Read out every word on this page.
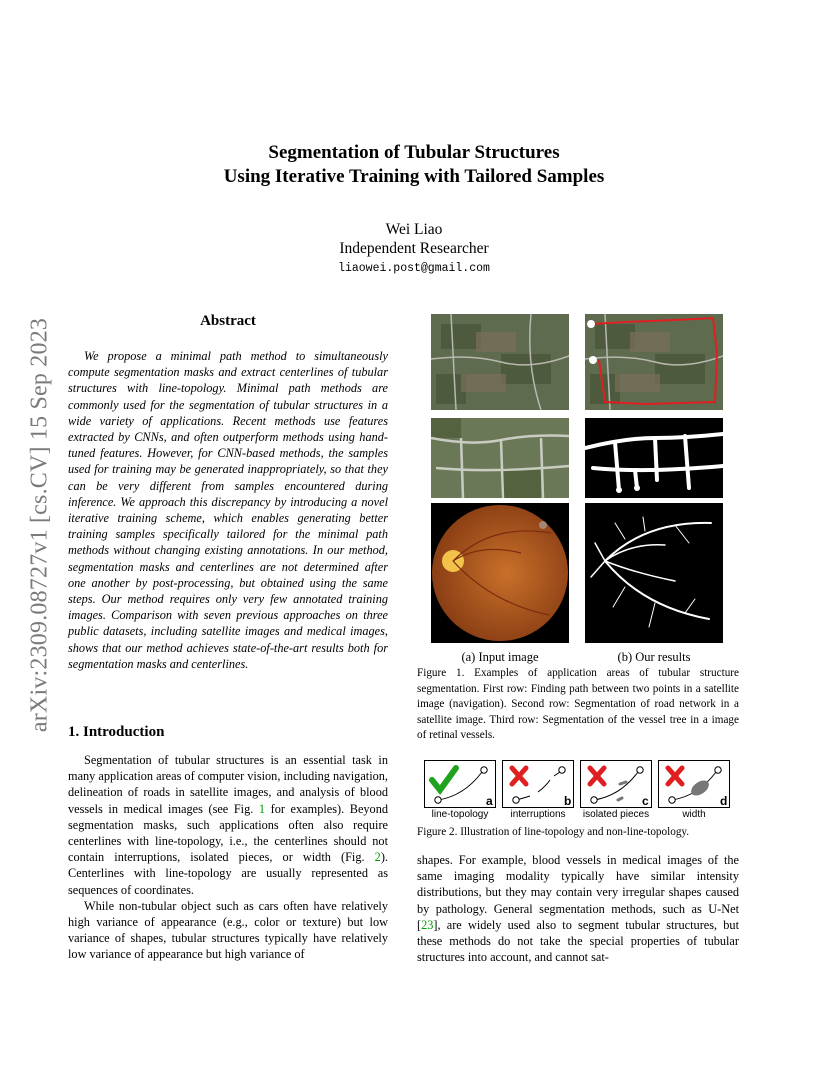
arXiv:2309.08727v1 [cs.CV] 15 Sep 2023
Segmentation of Tubular Structures
Using Iterative Training with Tailored Samples
Wei Liao
Independent Researcher
liaowei.post@gmail.com
Abstract
We propose a minimal path method to simultaneously compute segmentation masks and extract centerlines of tubular structures with line-topology. Minimal path methods are commonly used for the segmentation of tubular structures in a wide variety of applications. Recent methods use features extracted by CNNs, and often outperform methods using hand-tuned features. However, for CNN-based methods, the samples used for training may be generated inappropriately, so that they can be very different from samples encountered during inference. We approach this discrepancy by introducing a novel iterative training scheme, which enables generating better training samples specifically tailored for the minimal path methods without changing existing annotations. In our method, segmentation masks and centerlines are not determined after one another by post-processing, but obtained using the same steps. Our method requires only very few annotated training images. Comparison with seven previous approaches on three public datasets, including satellite images and medical images, shows that our method achieves state-of-the-art results both for segmentation masks and centerlines.
1. Introduction

Segmentation of tubular structures is an essential task in many application areas of computer vision, including navigation, delineation of roads in satellite images, and analysis of blood vessels in medical images (see Fig. 1 for examples). Beyond segmentation masks, such applications often also require centerlines with line-topology, i.e., the centerlines should not contain interruptions, isolated pieces, or width (Fig. 2). Centerlines with line-topology are usually represented as sequences of coordinates.

While non-tubular object such as cars often have relatively high variance of appearance (e.g., color or texture) but low variance of shapes, tubular structures typically have relatively low variance of appearance but high variance of

shapes. For example, blood vessels in medical images of the same imaging modality typically have similar intensity distributions, but they may contain very irregular shapes caused by pathology. General segmentation methods, such as U-Net [23], are widely used also to segment tubular structures, but these methods do not take the special properties of tubular structures into account, and cannot sat-

(a) Input image	(b) Our results
Figure 1. Examples of application areas of tubular structure segmentation. First row: Finding path between two points in a satellite image (navigation). Second row: Segmentation of road network in a satellite image. Third row: Segmentation of the vessel tree in a image of retinal vessels.
a	b	c	d
line-topology	interruptions	isolated pieces	width
Figure 2. Illustration of line-topology and non-line-topology.
